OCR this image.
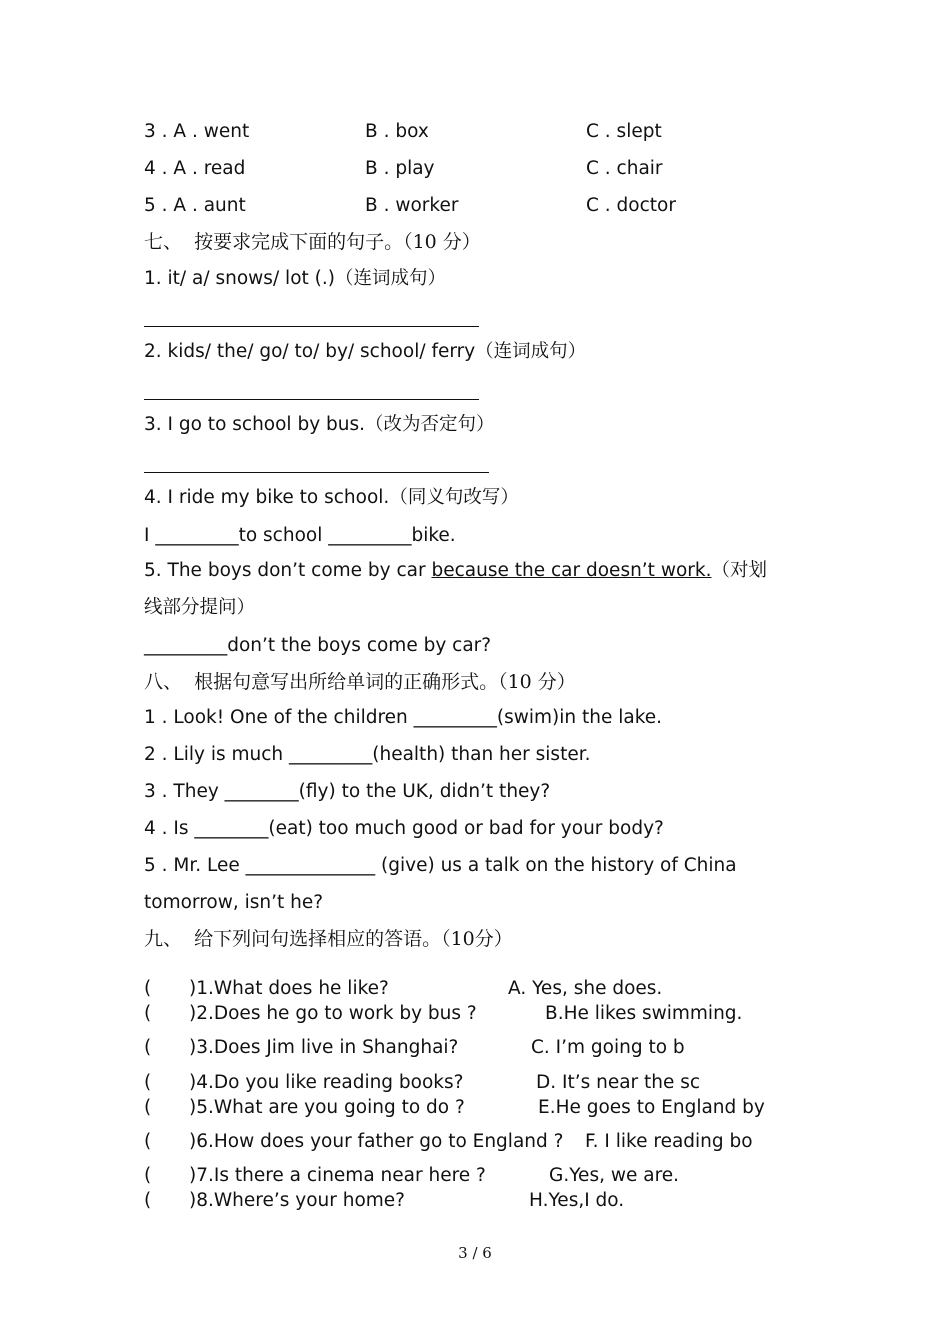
3 . A . went	B . box	C . slept
4 . A . read	B . play	C . chair
5 . A . aunt	B . worker	C . doctor
七、  按要求完成下面的句子。（10 分）
1. it/ a/ snows/ lot (.)（连词成句）
2. kids/ the/ go/ to/ by/ school/ ferry（连词成句）
3. I go to school by bus.（改为否定句）
4. I ride my bike to school.（同义句改写）
I _________to school _________bike.
5. The boys don’t come by car because the car doesn’t work.（对划
线部分提问）
_________don’t the boys come by car?
八、  根据句意写出所给单词的正确形式。（10 分）
1 . Look! One of the children _________(swim)in the lake.
2 . Lily is much _________(health) than her sister.
3 . They ________(fly) to the UK, didn’t they?
4 . Is ________(eat) too much good or bad for your body?
5 . Mr. Lee ______________ (give) us a talk on the history of China
tomorrow, isn’t he?
九、  给下列问句选择相应的答语。（10分）
( )1.What does he like?	A. Yes, she does.
( )2.Does he go to work by bus ?	B.He likes swimming.
( )3.Does Jim live in Shanghai?	C. I’m going to b
( )4.Do you like reading books?	D. It’s near the sc
( )5.What are you going to do ?	E.He goes to England by
( )6.How does your father go to England ? F. I like reading bo
( )7.Is there a cinema near here ?	G.Yes, we are.
( )8.Where’s your home?	H.Yes,I do.
3 / 6
